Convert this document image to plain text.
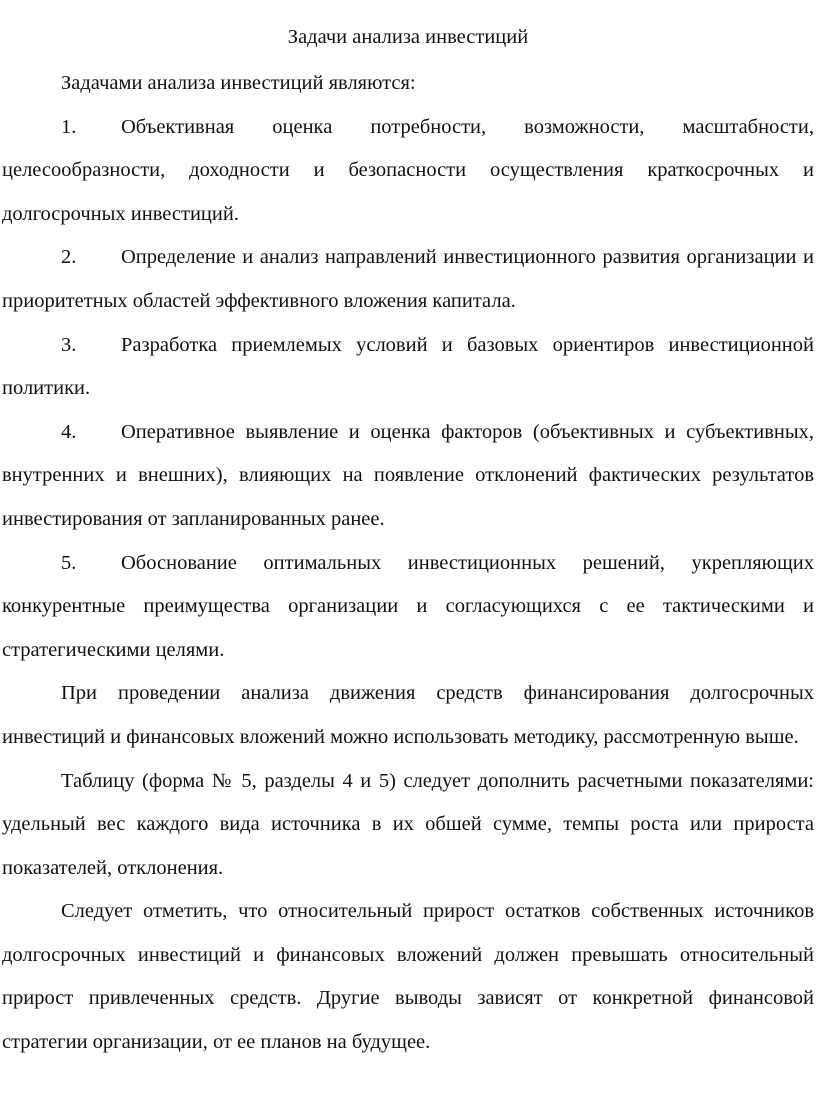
Задачи анализа инвестиций

Задачами анализа инвестиций являются:

1. Объективная оценка потребности, возможности, масштабности, целесообразности, доходности и безопасности осуществления краткосрочных и долгосрочных инвестиций.

2. Определение и анализ направлений инвестиционного развития организации и приоритетных областей эффективного вложения капитала.

3. Разработка приемлемых условий и базовых ориентиров инвестиционной политики.

4. Оперативное выявление и оценка факторов (объективных и субъективных, внутренних и внешних), влияющих на появление отклонений фактических результатов инвестирования от запланированных ранее.

5. Обоснование оптимальных инвестиционных решений, укрепляющих конкурентные преимущества организации и согласующихся с ее тактическими и стратегическими целями.

При проведении анализа движения средств финансирования долгосрочных инвестиций и финансовых вложений можно использовать методику, рассмотренную выше.

Таблицу (форма № 5, разделы 4 и 5) следует дополнить расчетными показателями: удельный вес каждого вида источника в их обшей сумме, темпы роста или прироста показателей, отклонения.

Следует отметить, что относительный прирост остатков собственных источников долгосрочных инвестиций и финансовых вложений должен превышать относительный прирост привлеченных средств. Другие выводы зависят от конкретной финансовой стратегии организации, от ее планов на будущее.
